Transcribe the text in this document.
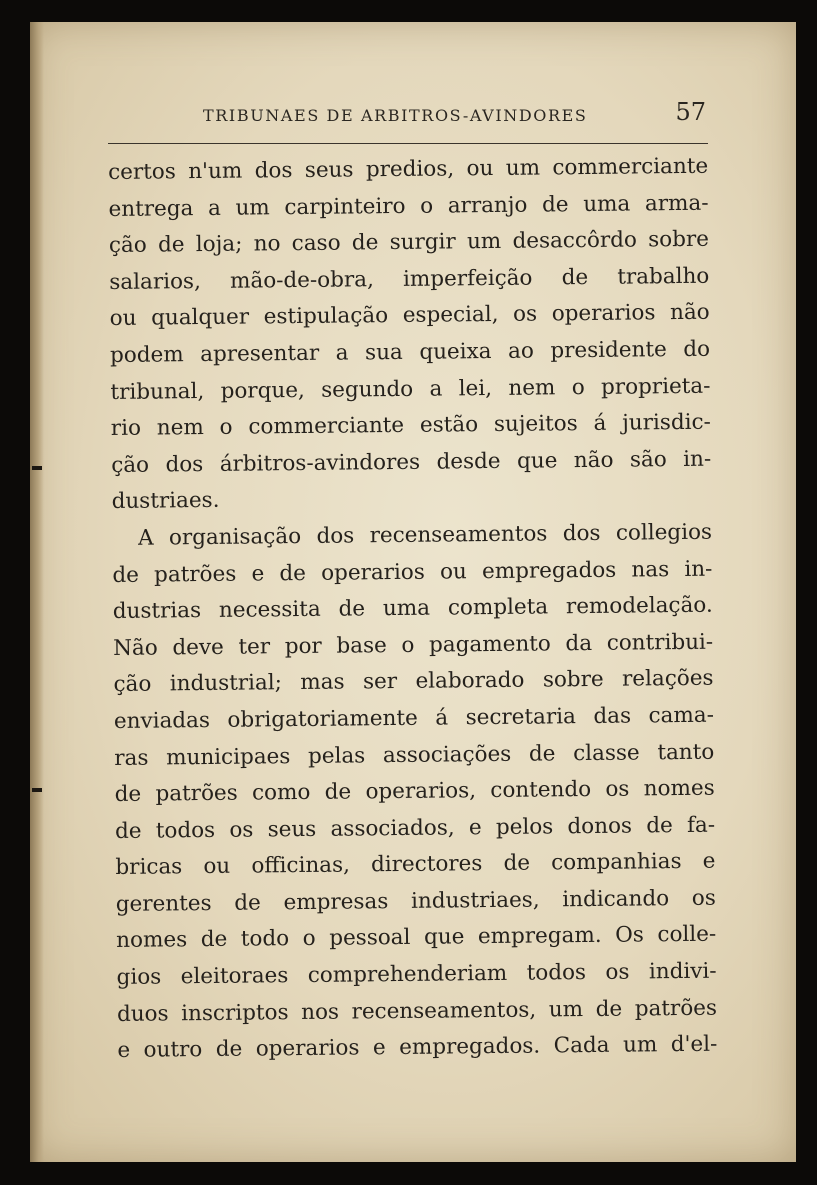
TRIBUNAES DE ARBITROS-AVINDORES	57
certos n'um dos seus predios, ou um commerciante
entrega a um carpinteiro o arranjo de uma arma-
ção de loja; no caso de surgir um desaccôrdo sobre
salarios, mão-de-obra, imperfeição de trabalho
ou qualquer estipulação especial, os operarios não
podem apresentar a sua queixa ao presidente do
tribunal, porque, segundo a lei, nem o proprieta-
rio nem o commerciante estão sujeitos á jurisdic-
ção dos árbitros-avindores desde que não são in-
dustriaes.
A organisação dos recenseamentos dos collegios
de patrões e de operarios ou empregados nas in-
dustrias necessita de uma completa remodelação.
Não deve ter por base o pagamento da contribui-
ção industrial; mas ser elaborado sobre relações
enviadas obrigatoriamente á secretaria das cama-
ras municipaes pelas associações de classe tanto
de patrões como de operarios, contendo os nomes
de todos os seus associados, e pelos donos de fa-
bricas ou officinas, directores de companhias e
gerentes de empresas industriaes, indicando os
nomes de todo o pessoal que empregam. Os colle-
gios eleitoraes comprehenderiam todos os indivi-
duos inscriptos nos recenseamentos, um de patrões
e outro de operarios e empregados. Cada um d'el-
